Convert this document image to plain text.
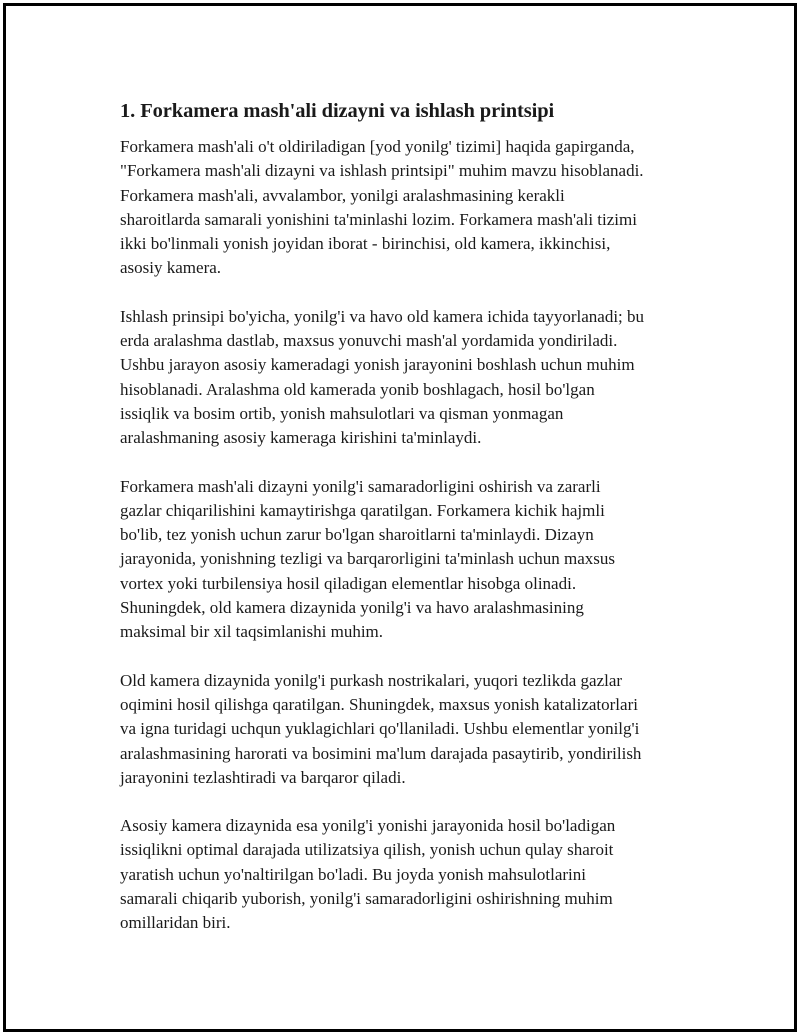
1. Forkamera mash'ali dizayni va ishlash printsipi

Forkamera mash'ali o't oldiriladigan [yod yonilg' tizimi] haqida gapirganda,
"Forkamera mash'ali dizayni va ishlash printsipi" muhim mavzu hisoblanadi.
Forkamera mash'ali, avvalambor, yonilgi aralashmasining kerakli
sharoitlarda samarali yonishini ta'minlashi lozim. Forkamera mash'ali tizimi
ikki bo'linmali yonish joyidan iborat - birinchisi, old kamera, ikkinchisi,
asosiy kamera.

Ishlash prinsipi bo'yicha, yonilg'i va havo old kamera ichida tayyorlanadi; bu
erda aralashma dastlab, maxsus yonuvchi mash'al yordamida yondiriladi.
Ushbu jarayon asosiy kameradagi yonish jarayonini boshlash uchun muhim
hisoblanadi. Aralashma old kamerada yonib boshlagach, hosil bo'lgan
issiqlik va bosim ortib, yonish mahsulotlari va qisman yonmagan
aralashmaning asosiy kameraga kirishini ta'minlaydi.

Forkamera mash'ali dizayni yonilg'i samaradorligini oshirish va zararli
gazlar chiqarilishini kamaytirishga qaratilgan. Forkamera kichik hajmli
bo'lib, tez yonish uchun zarur bo'lgan sharoitlarni ta'minlaydi. Dizayn
jarayonida, yonishning tezligi va barqarorligini ta'minlash uchun maxsus
vortex yoki turbilensiya hosil qiladigan elementlar hisobga olinadi.
Shuningdek, old kamera dizaynida yonilg'i va havo aralashmasining
maksimal bir xil taqsimlanishi muhim.

Old kamera dizaynida yonilg'i purkash nostrikalari, yuqori tezlikda gazlar
oqimini hosil qilishga qaratilgan. Shuningdek, maxsus yonish katalizatorlari
va igna turidagi uchqun yuklagichlari qo'llaniladi. Ushbu elementlar yonilg'i
aralashmasining harorati va bosimini ma'lum darajada pasaytirib, yondirilish
jarayonini tezlashtiradi va barqaror qiladi.

Asosiy kamera dizaynida esa yonilg'i yonishi jarayonida hosil bo'ladigan
issiqlikni optimal darajada utilizatsiya qilish, yonish uchun qulay sharoit
yaratish uchun yo'naltirilgan bo'ladi. Bu joyda yonish mahsulotlarini
samarali chiqarib yuborish, yonilg'i samaradorligini oshirishning muhim
omillaridan biri.
